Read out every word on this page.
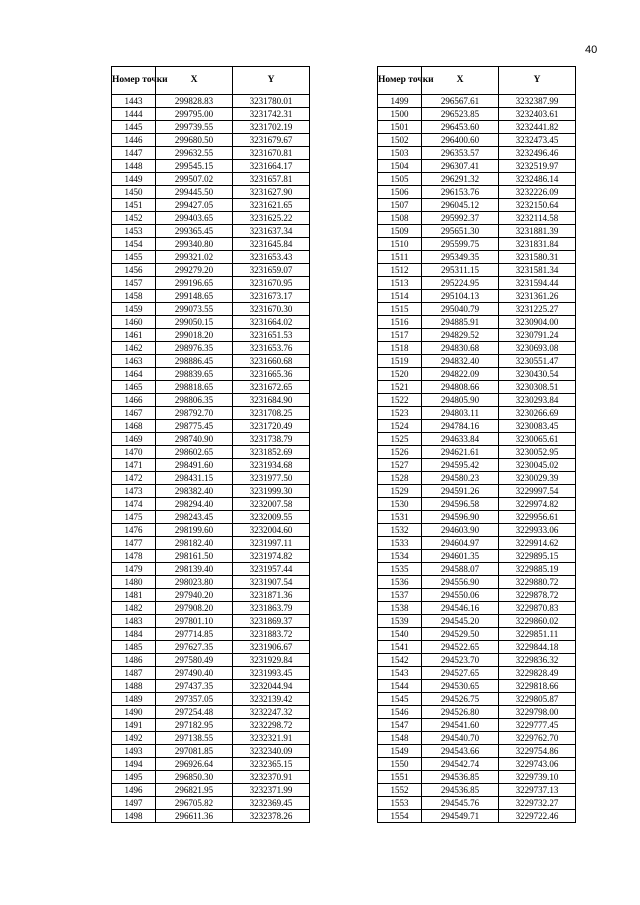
40
Номер точки	X	Y
1443	299828.83	3231780.01
1444	299795.00	3231742.31
1445	299739.55	3231702.19
1446	299680.50	3231679.67
1447	299632.55	3231670.81
1448	299545.15	3231664.17
1449	299507.02	3231657.81
1450	299445.50	3231627.90
1451	299427.05	3231621.65
1452	299403.65	3231625.22
1453	299365.45	3231637.34
1454	299340.80	3231645.84
1455	299321.02	3231653.43
1456	299279.20	3231659.07
1457	299196.65	3231670.95
1458	299148.65	3231673.17
1459	299073.55	3231670.30
1460	299050.15	3231664.02
1461	299018.20	3231651.53
1462	298976.35	3231653.76
1463	298886.45	3231660.68
1464	298839.65	3231665.36
1465	298818.65	3231672.65
1466	298806.35	3231684.90
1467	298792.70	3231708.25
1468	298775.45	3231720.49
1469	298740.90	3231738.79
1470	298602.65	3231852.69
1471	298491.60	3231934.68
1472	298431.15	3231977.50
1473	298382.40	3231999.30
1474	298294.40	3232007.58
1475	298243.45	3232009.55
1476	298199.60	3232004.60
1477	298182.40	3231997.11
1478	298161.50	3231974.82
1479	298139.40	3231957.44
1480	298023.80	3231907.54
1481	297940.20	3231871.36
1482	297908.20	3231863.79
1483	297801.10	3231869.37
1484	297714.85	3231883.72
1485	297627.35	3231906.67
1486	297580.49	3231929.84
1487	297490.40	3231993.45
1488	297437.35	3232044.94
1489	297357.05	3232139.42
1490	297254.48	3232247.32
1491	297182.95	3232298.72
1492	297138.55	3232321.91
1493	297081.85	3232340.09
1494	296926.64	3232365.15
1495	296850.30	3232370.91
1496	296821.95	3232371.99
1497	296705.82	3232369.45
1498	296611.36	3232378.26
Номер точки	X	Y
1499	296567.61	3232387.99
1500	296523.85	3232403.61
1501	296453.60	3232441.82
1502	296400.60	3232473.45
1503	296353.57	3232496.46
1504	296307.41	3232519.97
1505	296291.32	3232486.14
1506	296153.76	3232226.09
1507	296045.12	3232150.64
1508	295992.37	3232114.58
1509	295651.30	3231881.39
1510	295599.75	3231831.84
1511	295349.35	3231580.31
1512	295311.15	3231581.34
1513	295224.95	3231594.44
1514	295104.13	3231361.26
1515	295040.79	3231225.27
1516	294885.91	3230904.00
1517	294829.52	3230791.24
1518	294830.68	3230693.08
1519	294832.40	3230551.47
1520	294822.09	3230430.54
1521	294808.66	3230308.51
1522	294805.90	3230293.84
1523	294803.11	3230266.69
1524	294784.16	3230083.45
1525	294633.84	3230065.61
1526	294621.61	3230052.95
1527	294595.42	3230045.02
1528	294580.23	3230029.39
1529	294591.26	3229997.54
1530	294596.58	3229974.82
1531	294596.90	3229956.61
1532	294603.90	3229933.06
1533	294604.97	3229914.62
1534	294601.35	3229895.15
1535	294588.07	3229885.19
1536	294556.90	3229880.72
1537	294550.06	3229878.72
1538	294546.16	3229870.83
1539	294545.20	3229860.02
1540	294529.50	3229851.11
1541	294522.65	3229844.18
1542	294523.70	3229836.32
1543	294527.65	3229828.49
1544	294530.65	3229818.66
1545	294526.75	3229805.87
1546	294526.80	3229798.00
1547	294541.60	3229777.45
1548	294540.70	3229762.70
1549	294543.66	3229754.86
1550	294542.74	3229743.06
1551	294536.85	3229739.10
1552	294536.85	3229737.13
1553	294545.76	3229732.27
1554	294549.71	3229722.46
